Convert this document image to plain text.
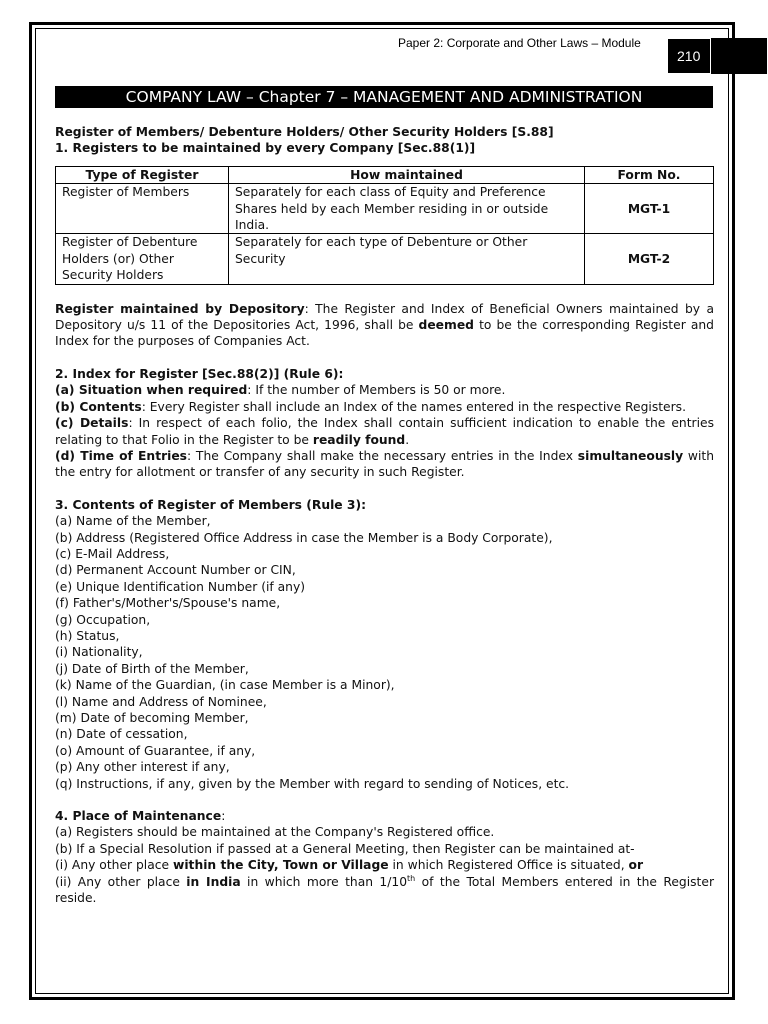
Paper 2: Corporate and Other Laws – Module
210
COMPANY LAW – Chapter 7 – MANAGEMENT AND ADMINISTRATION

Register of Members/ Debenture Holders/ Other Security Holders [S.88]

1. Registers to be maintained by every Company [Sec.88(1)]

Type of Register	How maintained	Form No.
Register of Members	Separately for each class of Equity and Preference Shares held by each Member residing in or outside India.	MGT-1
Register of Debenture Holders (or) Other Security Holders	Separately for each type of Debenture or Other Security	MGT-2

Register maintained by Depository: The Register and Index of Beneficial Owners maintained by a Depository u/s 11 of the Depositories Act, 1996, shall be deemed to be the corresponding Register and Index for the purposes of Companies Act.

2. Index for Register [Sec.88(2)] (Rule 6):

(a) Situation when required: If the number of Members is 50 or more.

(b) Contents: Every Register shall include an Index of the names entered in the respective Registers.

(c) Details: In respect of each folio, the Index shall contain sufficient indication to enable the entries relating to that Folio in the Register to be readily found.

(d) Time of Entries: The Company shall make the necessary entries in the Index simultaneously with the entry for allotment or transfer of any security in such Register.

3. Contents of Register of Members (Rule 3):

(a) Name of the Member,

(b) Address (Registered Office Address in case the Member is a Body Corporate),

(c) E-Mail Address,

(d) Permanent Account Number or CIN,

(e) Unique Identification Number (if any)

(f) Father's/Mother's/Spouse's name,

(g) Occupation,

(h) Status,

(i) Nationality,

(j) Date of Birth of the Member,

(k) Name of the Guardian, (in case Member is a Minor),

(l) Name and Address of Nominee,

(m) Date of becoming Member,

(n) Date of cessation,

(o) Amount of Guarantee, if any,

(p) Any other interest if any,

(q) Instructions, if any, given by the Member with regard to sending of Notices, etc.

4. Place of Maintenance:

(a) Registers should be maintained at the Company's Registered office.

(b) If a Special Resolution if passed at a General Meeting, then Register can be maintained at-

(i) Any other place within the City, Town or Village in which Registered Office is situated, or

(ii) Any other place in India in which more than 1/10th of the Total Members entered in the Register reside.
